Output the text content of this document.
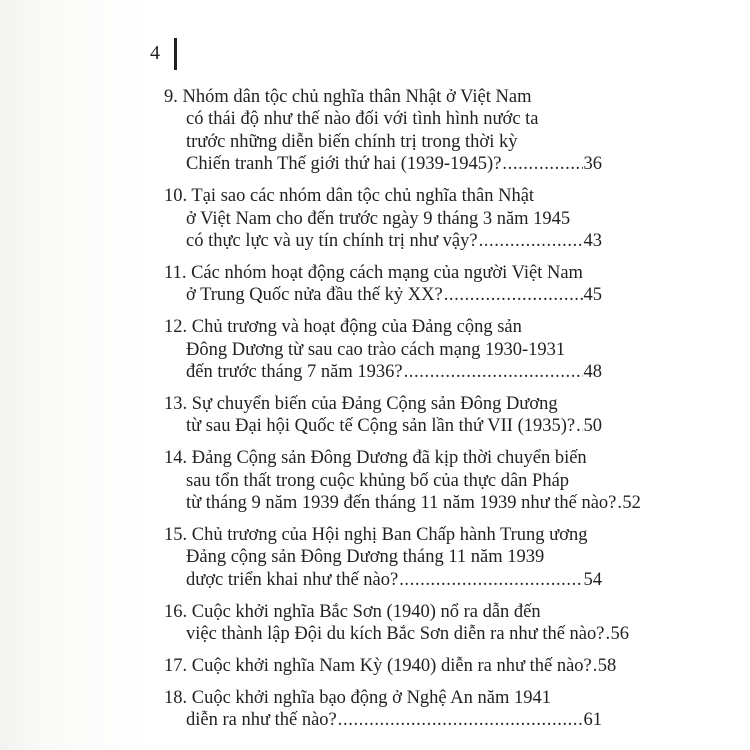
4
9. Nhóm dân tộc chủ nghĩa thân Nhật ở Việt Nam
có thái độ như thế nào đối với tình hình nước ta
trước những diễn biến chính trị trong thời kỳ
Chiến tranh Thế giới thứ hai (1939-1945)? .....	36
10. Tại sao các nhóm dân tộc chủ nghĩa thân Nhật
ở Việt Nam cho đến trước ngày 9 tháng 3 năm 1945
có thực lực và uy tín chính trị như vậy? .....	43
11. Các nhóm hoạt động cách mạng của người Việt Nam
ở Trung Quốc nửa đầu thế kỷ XX? .....	45
12. Chủ trương và hoạt động của Đảng cộng sản
Đông Dương từ sau cao trào cách mạng 1930-1931
đến trước tháng 7 năm 1936? .....	48
13. Sự chuyển biến của Đảng Cộng sản Đông Dương
từ sau Đại hội Quốc tế Cộng sản lần thứ VII (1935)? ..... 50
14. Đảng Cộng sản Đông Dương đã kịp thời chuyển biến
sau tổn thất trong cuộc khủng bố của thực dân Pháp
từ tháng 9 năm 1939 đến tháng 11 năm 1939 như thế nào? ..... 52
15. Chủ trương của Hội nghị Ban Chấp hành Trung ương
Đảng cộng sản Đông Dương tháng 11 năm 1939
dược triển khai như thế nào? .....	54
16. Cuộc khởi nghĩa Bắc Sơn (1940) nổ ra dẫn đến
việc thành lập Đội du kích Bắc Sơn diễn ra như thế nào? ..... 56
17. Cuộc khởi nghĩa Nam Kỳ (1940) diễn ra như thế nào? ..... 58
18. Cuộc khởi nghĩa bạo động ở Nghệ An năm 1941
diễn ra như thế nào? .....	61
